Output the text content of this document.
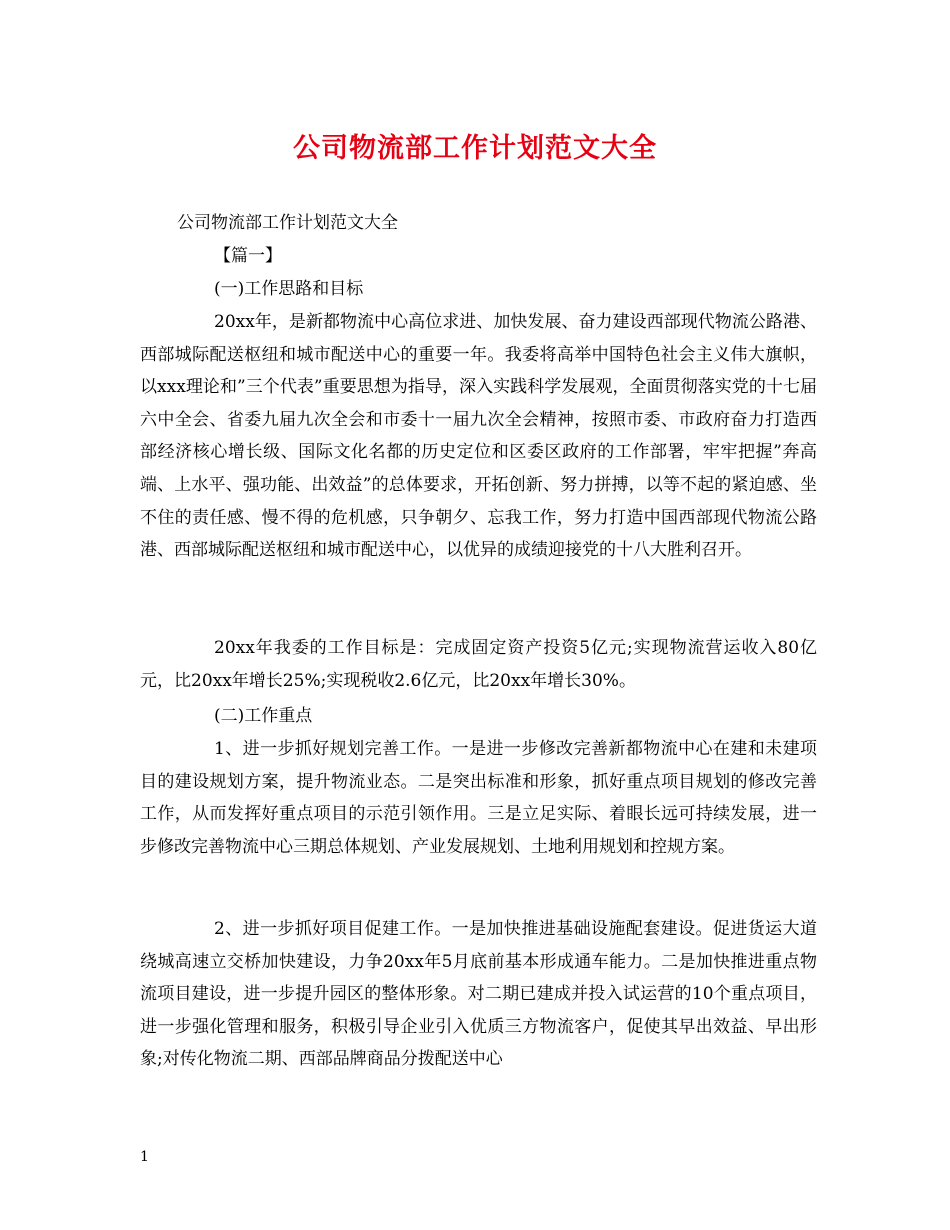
公司物流部工作计划范文大全
公司物流部工作计划范文大全
【篇一】
(一)工作思路和目标

20xx年，是新都物流中心高位求进、加快发展、奋力建设西部现代物流公路港、西部城际配送枢纽和城市配送中心的重要一年。我委将高举中国特色社会主义伟大旗帜，以xxx理论和”三个代表”重要思想为指导，深入实践科学发展观，全面贯彻落实党的十七届六中全会、省委九届九次全会和市委十一届九次全会精神，按照市委、市政府奋力打造西部经济核心增长级、国际文化名都的历史定位和区委区政府的工作部署，牢牢把握”奔高端、上水平、强功能、出效益”的总体要求，开拓创新、努力拼搏，以等不起的紧迫感、坐不住的责任感、慢不得的危机感，只争朝夕、忘我工作，努力打造中国西部现代物流公路港、西部城际配送枢纽和城市配送中心，以优异的成绩迎接党的十八大胜利召开。

20xx年我委的工作目标是：完成固定资产投资5亿元;实现物流营运收入80亿元，比20xx年增长25%;实现税收2.6亿元，比20xx年增长30%。

(二)工作重点

1、进一步抓好规划完善工作。一是进一步修改完善新都物流中心在建和未建项目的建设规划方案，提升物流业态。二是突出标准和形象，抓好重点项目规划的修改完善工作，从而发挥好重点项目的示范引领作用。三是立足实际、着眼长远可持续发展，进一步修改完善物流中心三期总体规划、产业发展规划、土地利用规划和控规方案。

2、进一步抓好项目促建工作。一是加快推进基础设施配套建设。促进货运大道绕城高速立交桥加快建设，力争20xx年5月底前基本形成通车能力。二是加快推进重点物流项目建设，进一步提升园区的整体形象。对二期已建成并投入试运营的10个重点项目，进一步强化管理和服务，积极引导企业引入优质三方物流客户，促使其早出效益、早出形象;对传化物流二期、西部品牌商品分拨配送中心

1
